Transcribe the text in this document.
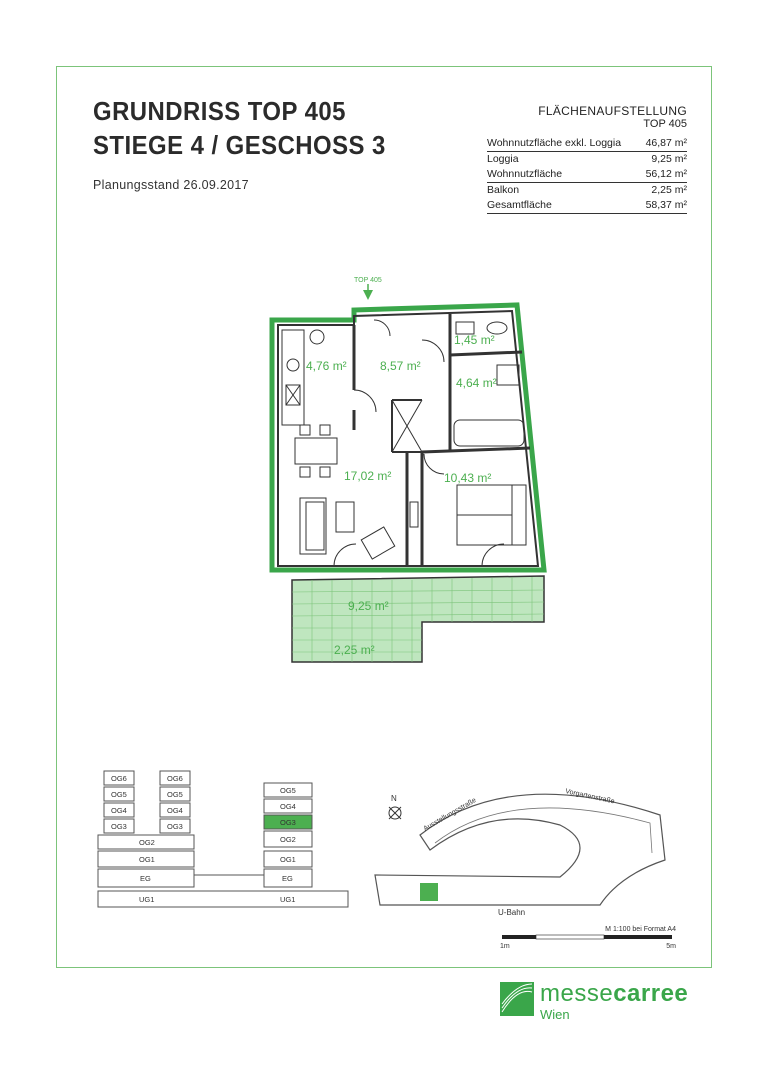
GRUNDRISS TOP 405
STIEGE 4 / GESCHOSS 3
Planungsstand 26.09.2017
FLÄCHENAUFSTELLUNG
TOP 405
Wohnnutzfläche exkl. Loggia 46,87 m²
Loggia	9,25 m²
Wohnnutzfläche	56,12 m²
Balkon	2,25 m²
Gesamtfläche	58,37 m²
TOP 405
4,76 m²	8,57 m²
1,45 m²
4,64 m²
17,02 m²	10,43 m²
9,25 m²
2,25 m²
OG6	OG6
OG5	OG5
OG4	OG4
OG3	OG3
OG2
OG1
EG
UG1
OG5
OG4
OG3
OG2
OG1
EG
UG1
N	Ausstellungsstraße
Vorgartenstraße
U-Bahn
M 1:100 bei Format A4
1m	5m
messecarree
Wien
